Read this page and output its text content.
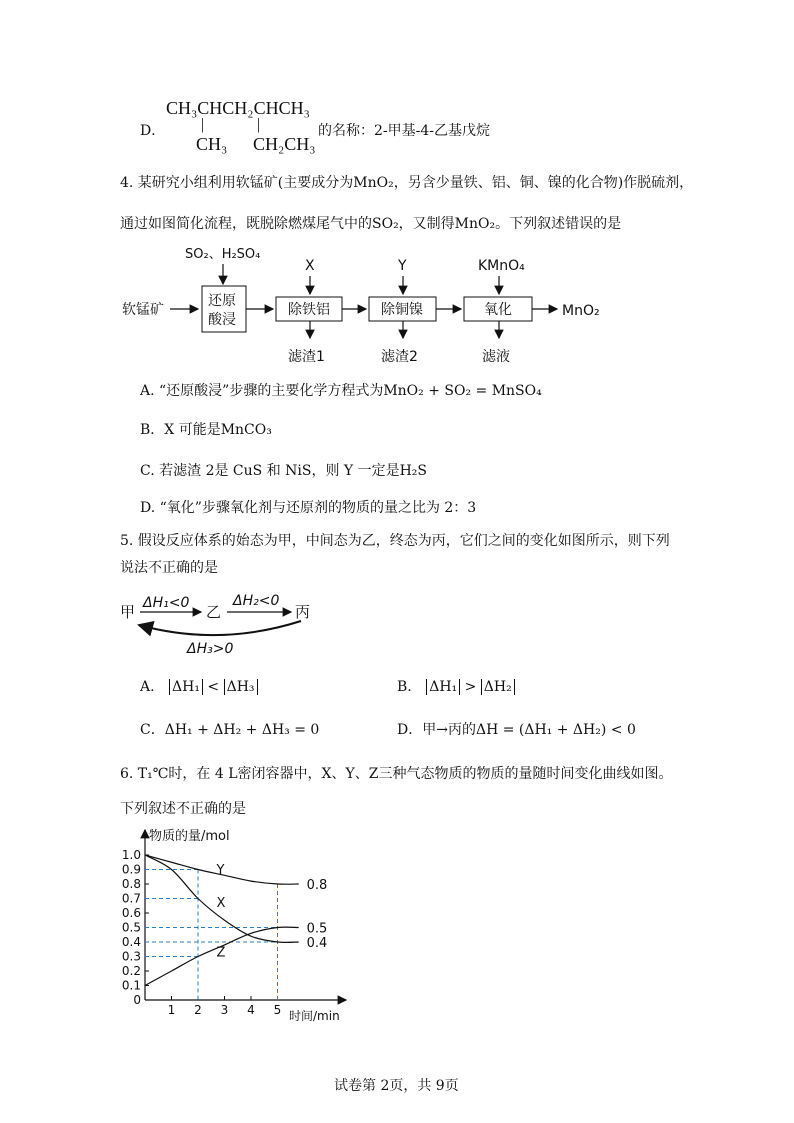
CH₃CHCH₂CHCH₃
D． |	|	的名称：2-甲基-4-乙基戊烷
CH₃ CH₂CH₃
4. 某研究小组利用软锰矿(主要成分为MnO₂，另含少量铁、铝、铜、镍的化合物)作脱硫剂，
通过如图简化流程，既脱除燃煤尾气中的SO₂，又制得MnO₂。下列叙述错误的是
软锰矿
SO₂、H₂SO₄
还原
酸浸
X
除铁铝
滤渣1
Y
除铜镍
滤渣2
KMnO₄
氧化
滤液
MnO₂
A. “还原酸浸”步骤的主要化学方程式为MnO₂ + SO₂ = MnSO₄
B．X 可能是MnCO₃
C. 若滤渣 2是 CuS 和 NiS，则 Y 一定是H₂S
D. “氧化”步骤氧化剂与还原剂的物质的量之比为 2：3
5. 假设反应体系的始态为甲，中间态为乙，终态为丙，它们之间的变化如图所示，则下列
说法不正确的是
甲 ΔH₁<0 乙
ΔH₂<0
丙
ΔH₃>0
A. ΔH₁ < ΔH₃	B. ΔH₁ > ΔH₂
C．ΔH₁ + ΔH₂ + ΔH₃ = 0	D．甲→丙的ΔH = (ΔH₁ + ΔH₂) < 0
6. T₁℃时，在 4 L密闭容器中，X、Y、Z三种气态物质的物质的量随时间变化曲线如图。
下列叙述不正确的是
物质的量/mol
时间/min
1.0
0.9
0.8
0.7
0.6
0.5
0.4
0.3
0.2
0.1
0
1 2 3 4 5
Y
0.8
X
0.4
Z
0.5
试卷第 2页，共 9页
